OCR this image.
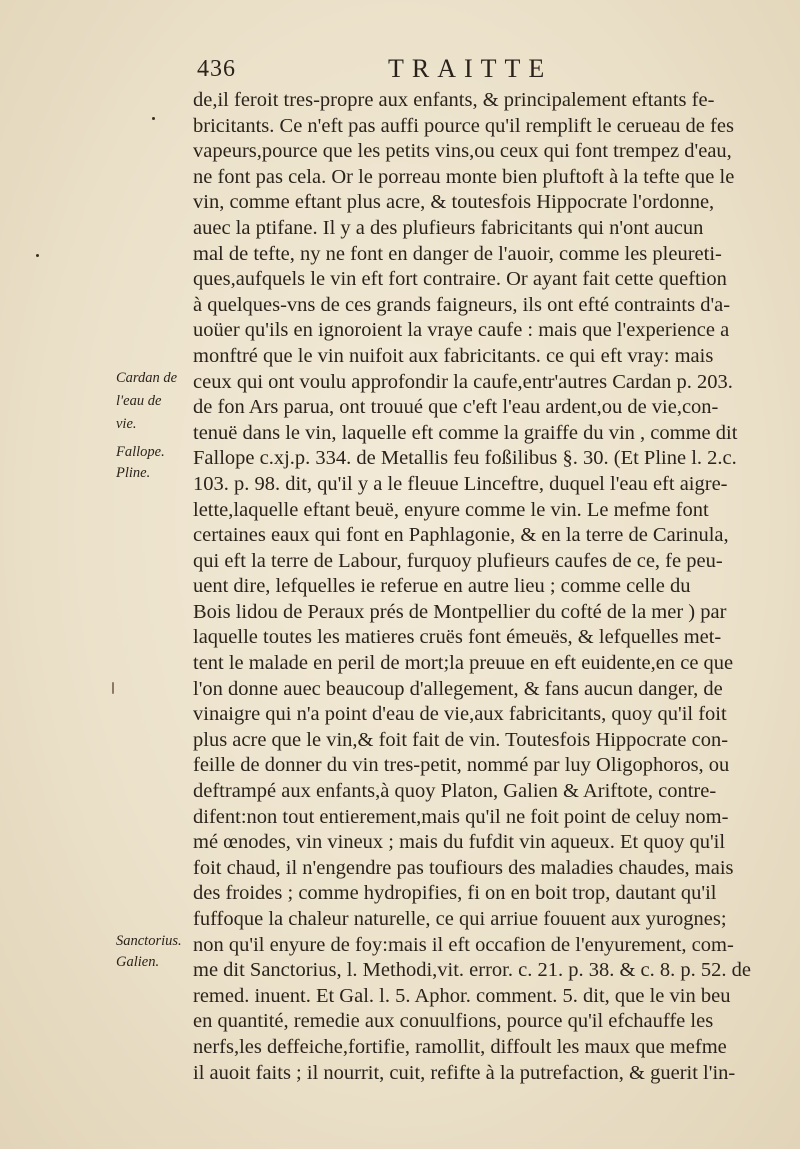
436	TRAITTE
Cardan de
l'eau de
vie.
Fallope.
Pline.
Sanctorius.
Galien.
de,il feroit tres-propre aux enfants, & principalement eftants fe-
bricitants. Ce n'eft pas auffi pource qu'il remplift le cerueau de fes
vapeurs,pource que les petits vins,ou ceux qui font trempez d'eau,
ne font pas cela. Or le porreau monte bien pluftoft à la tefte que le
vin, comme eftant plus acre, & toutesfois Hippocrate l'ordonne,
auec la ptifane. Il y a des plufieurs fabricitants qui n'ont aucun
mal de tefte, ny ne font en danger de l'auoir, comme les pleureti-
ques,aufquels le vin eft fort contraire. Or ayant fait cette queftion
à quelques-vns de ces grands faigneurs, ils ont efté contraints d'a-
uoüer qu'ils en ignoroient la vraye caufe : mais que l'experience a
monftré que le vin nuifoit aux fabricitants. ce qui eft vray: mais
ceux qui ont voulu approfondir la caufe,entr'autres Cardan p. 203.
de fon Ars parua, ont trouué que c'eft l'eau ardent,ou de vie,con-
tenuë dans le vin, laquelle eft comme la graiffe du vin , comme dit
Fallope c.xj.p. 334. de Metallis feu foßilibus §. 30. (Et Pline l. 2.c.
103. p. 98. dit, qu'il y a le fleuue Linceftre, duquel l'eau eft aigre-
lette,laquelle eftant beuë, enyure comme le vin. Le mefme font
certaines eaux qui font en Paphlagonie, & en la terre de Carinula,
qui eft la terre de Labour, furquoy plufieurs caufes de ce, fe peu-
uent dire, lefquelles ie referue en autre lieu ; comme celle du
Bois lidou de Peraux prés de Montpellier du cofté de la mer ) par
laquelle toutes les matieres cruës font émeuës, & lefquelles met-
tent le malade en peril de mort;la preuue en eft euidente,en ce que
l'on donne auec beaucoup d'allegement, & fans aucun danger, de
vinaigre qui n'a point d'eau de vie,aux fabricitants, quoy qu'il foit
plus acre que le vin,& foit fait de vin. Toutesfois Hippocrate con-
feille de donner du vin tres-petit, nommé par luy Oligophoros, ou
deftrampé aux enfants,à quoy Platon, Galien & Ariftote, contre-
difent:non tout entierement,mais qu'il ne foit point de celuy nom-
mé œnodes, vin vineux ; mais du fufdit vin aqueux. Et quoy qu'il
foit chaud, il n'engendre pas toufiours des maladies chaudes, mais
des froides ; comme hydropifies, fi on en boit trop, dautant qu'il
fuffoque la chaleur naturelle, ce qui arriue fouuent aux yurognes;
non qu'il enyure de foy:mais il eft occafion de l'enyurement, com-
me dit Sanctorius, l. Methodi,vit. error. c. 21. p. 38. & c. 8. p. 52. de
remed. inuent. Et Gal. l. 5. Aphor. comment. 5. dit, que le vin beu
en quantité, remedie aux conuulfions, pource qu'il efchauffe les
nerfs,les deffeiche,fortifie, ramollit, diffoult les maux que mefme
il auoit faits ; il nourrit, cuit, refifte à la putrefaction, & guerit l'in-
